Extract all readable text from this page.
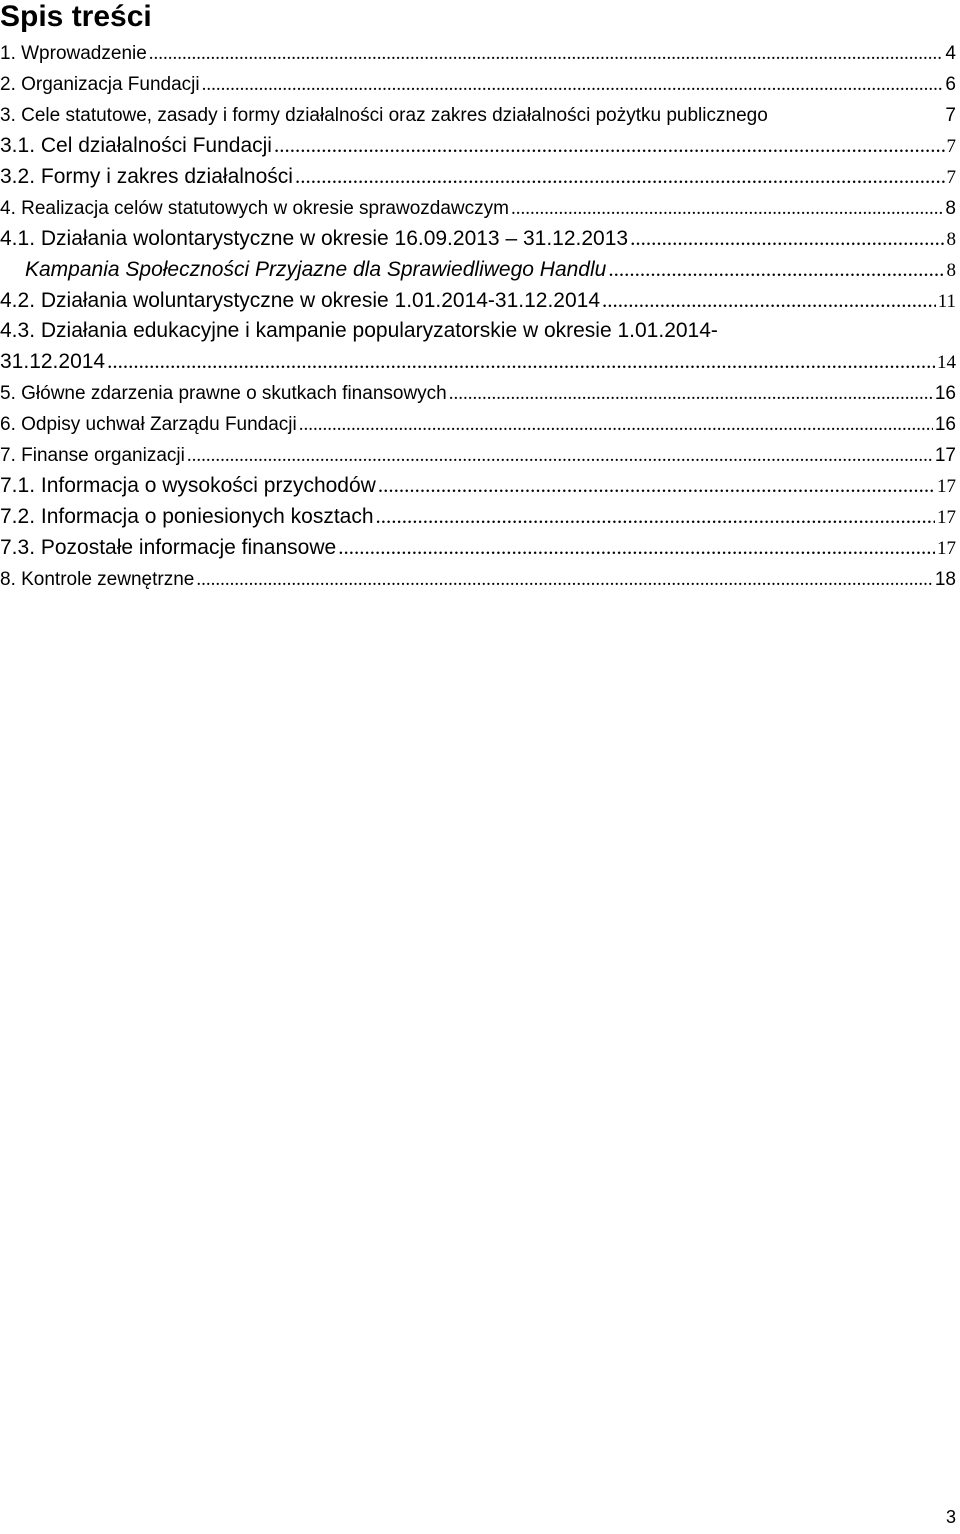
Spis treści
1. Wprowadzenie .....	4
2. Organizacja Fundacji .....	6
3. Cele statutowe, zasady i formy działalności oraz zakres działalności pożytku publicznego	7
3.1. Cel działalności Fundacji .....	7
3.2. Formy i zakres działalności .....	7
4. Realizacja celów statutowych w okresie sprawozdawczym .....	8
4.1. Działania wolontarystyczne w okresie 16.09.2013 – 31.12.2013 .....	8
Kampania Społeczności Przyjazne dla Sprawiedliwego Handlu .....	8
4.2. Działania woluntarystyczne w okresie 1.01.2014-31.12.2014 .....	11
4.3. Działania edukacyjne i kampanie popularyzatorskie w okresie 1.01.2014-
31.12.2014 .....	14
5. Główne zdarzenia prawne o skutkach finansowych .....	16
6. Odpisy uchwał Zarządu Fundacji .....	16
7. Finanse organizacji .....	17
7.1. Informacja o wysokości przychodów .....	17
7.2. Informacja o poniesionych kosztach .....	17
7.3. Pozostałe informacje finansowe .....	17
8. Kontrole zewnętrzne .....	18
3
